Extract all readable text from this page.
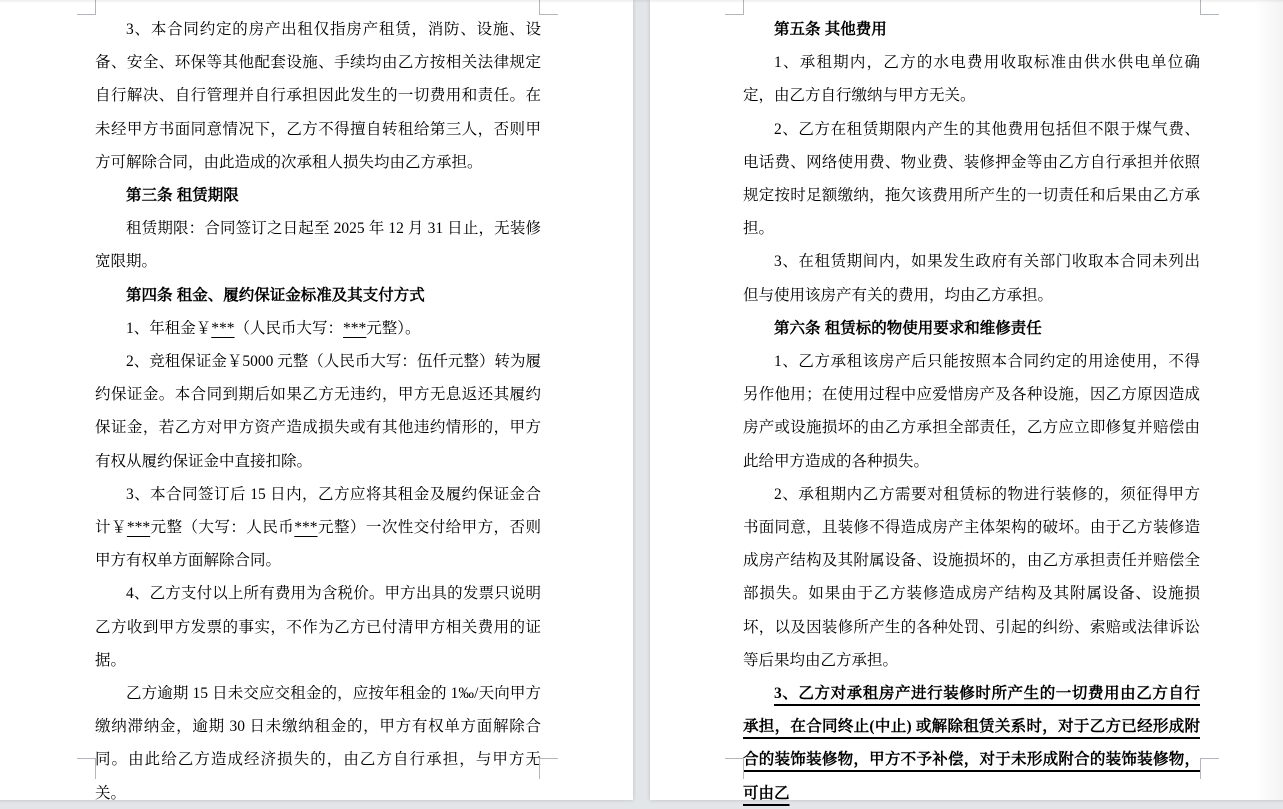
3、本合同约定的房产出租仅指房产租赁，消防、设施、设备、安全、环保等其他配套设施、手续均由乙方按相关法律规定自行解决、自行管理并自行承担因此发生的一切费用和责任。在未经甲方书面同意情况下，乙方不得擅自转租给第三人，否则甲方可解除合同，由此造成的次承租人损失均由乙方承担。

第三条 租赁期限

租赁期限：合同签订之日起至 2025 年 12 月 31 日止，无装修宽限期。

第四条 租金、履约保证金标准及其支付方式

1、年租金￥***（人民币大写：***元整）。

2、竞租保证金￥5000 元整（人民币大写：伍仟元整）转为履约保证金。本合同到期后如果乙方无违约，甲方无息返还其履约保证金，若乙方对甲方资产造成损失或有其他违约情形的，甲方有权从履约保证金中直接扣除。

3、本合同签订后 15 日内，乙方应将其租金及履约保证金合计￥***元整（大写：人民币***元整）一次性交付给甲方，否则甲方有权单方面解除合同。

4、乙方支付以上所有费用为含税价。甲方出具的发票只说明乙方收到甲方发票的事实，不作为乙方已付清甲方相关费用的证据。

乙方逾期 15 日未交应交租金的，应按年租金的 1‰/天向甲方缴纳滞纳金，逾期 30 日未缴纳租金的，甲方有权单方面解除合同。由此给乙方造成经济损失的，由乙方自行承担，与甲方无关。

第五条 其他费用

1、承租期内，乙方的水电费用收取标准由供水供电单位确定，由乙方自行缴纳与甲方无关。

2、乙方在租赁期限内产生的其他费用包括但不限于煤气费、电话费、网络使用费、物业费、装修押金等由乙方自行承担并依照规定按时足额缴纳，拖欠该费用所产生的一切责任和后果由乙方承担。

3、在租赁期间内，如果发生政府有关部门收取本合同未列出但与使用该房产有关的费用，均由乙方承担。

第六条 租赁标的物使用要求和维修责任

1、乙方承租该房产后只能按照本合同约定的用途使用，不得另作他用；在使用过程中应爱惜房产及各种设施，因乙方原因造成房产或设施损坏的由乙方承担全部责任，乙方应立即修复并赔偿由此给甲方造成的各种损失。

2、承租期内乙方需要对租赁标的物进行装修的，须征得甲方书面同意，且装修不得造成房产主体架构的破坏。由于乙方装修造成房产结构及其附属设备、设施损坏的，由乙方承担责任并赔偿全部损失。如果由于乙方装修造成房产结构及其附属设备、设施损坏，以及因装修所产生的各种处罚、引起的纠纷、索赔或法律诉讼等后果均由乙方承担。

3、乙方对承租房产进行装修时所产生的一切费用由乙方自行承担，在合同终止(中止) 或解除租赁关系时，对于乙方已经形成附合的装饰装修物，甲方不予补偿，对于未形成附合的装饰装修物，可由乙
